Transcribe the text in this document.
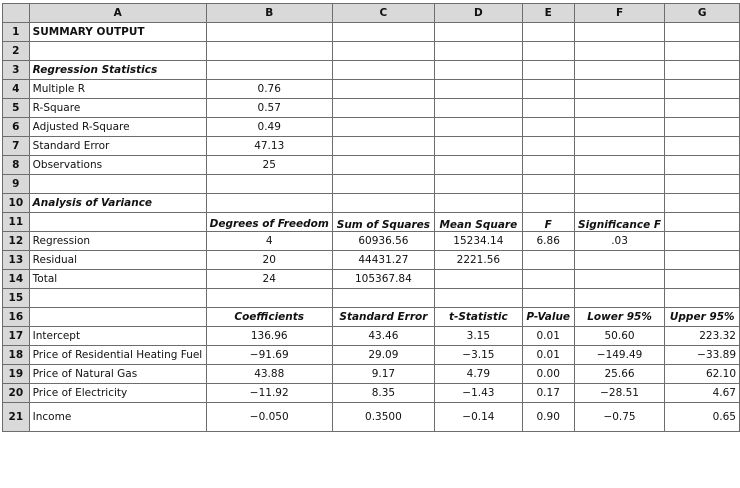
	A	B	C	D	E	F	G
1	SUMMARY OUTPUT						
2							
3	Regression Statistics						
4	Multiple R	0.76					
5	R-Square	0.57					
6	Adjusted R-Square	0.49					
7	Standard Error	47.13					
8	Observations	25					
9							
10	Analysis of Variance						
11		Degrees of Freedom	Sum of Squares	Mean Square	F	Significance F	
12	Regression	4	60936.56	15234.14	6.86	.03	
13	Residual	20	44431.27	2221.56			
14	Total	24	105367.84				
15							
16		Coefficients	Standard Error	t-Statistic	P-Value	Lower 95%	Upper 95%
17	Intercept	136.96	43.46	3.15	0.01	50.60	223.32
18	Price of Residential Heating Fuel	−91.69	29.09	−3.15	0.01	−149.49	−33.89
19	Price of Natural Gas	43.88	9.17	4.79	0.00	25.66	62.10
20	Price of Electricity	−11.92	8.35	−1.43	0.17	−28.51	4.67
21	Income	−0.050	0.3500	−0.14	0.90	−0.75	0.65
